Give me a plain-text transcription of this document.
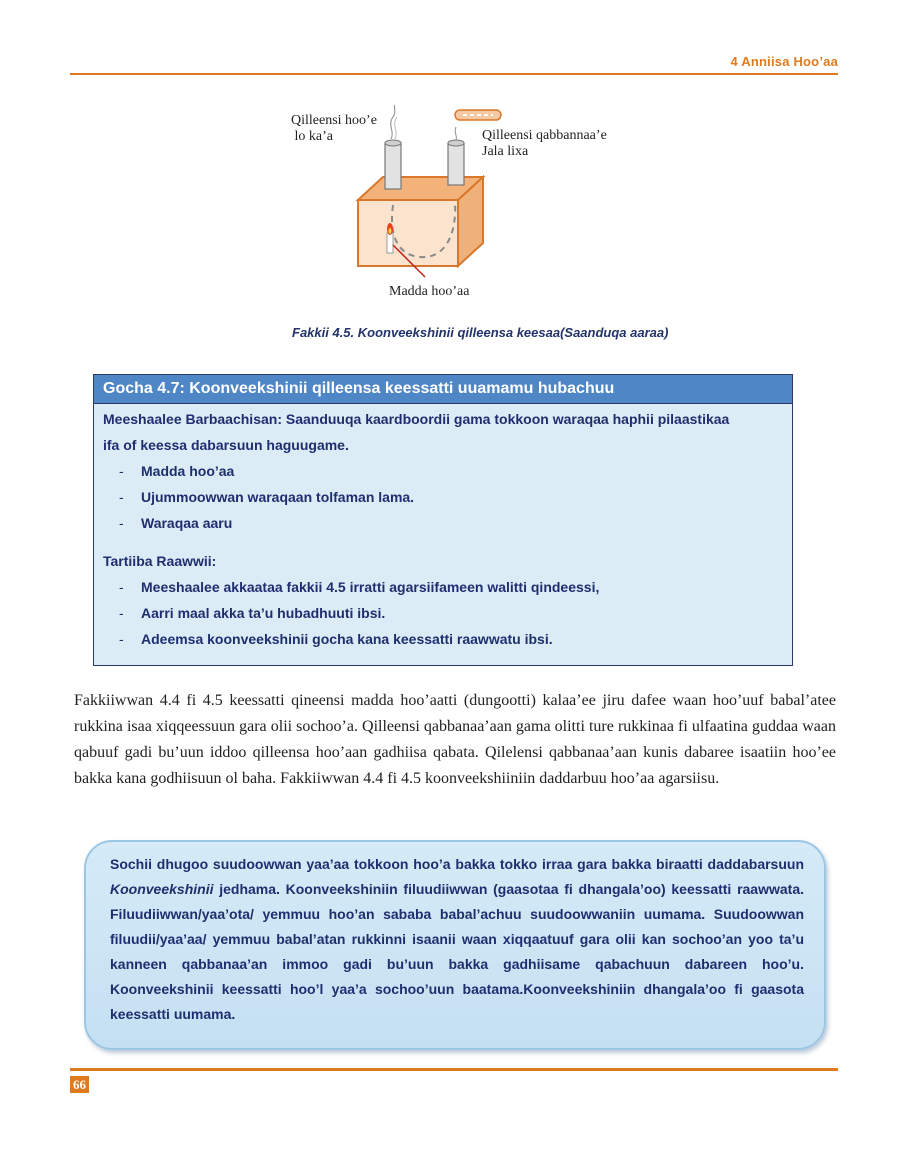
4 Anniisa Hoo’aa
Qilleensi hoo’e
lo ka’a	Qilleensi qabbannaa’e
Jala lixa
Madda hoo’aa
Fakkii 4.5. Koonveekshinii qilleensa keesaa(Saanduqa aaraa)
Gocha 4.7: Koonveekshinii qilleensa keessatti uuamamu hubachuu
Meeshaalee Barbaachisan: Saanduuqa kaardboordii gama tokkoon waraqaa haphii pilaastikaa
ifa of keessa dabarsuun haguugame.
- Madda hoo’aa
- Ujummoowwan waraqaan tolfaman lama.
- Waraqaa aaru
Tartiiba Raawwii:
- Meeshaalee akkaataa fakkii 4.5 irratti agarsiifameen walitti qindeessi,
- Aarri maal akka ta’u hubadhuuti ibsi.
- Adeemsa koonveekshinii gocha kana keessatti raawwatu ibsi.
Fakkiiwwan 4.4 fi 4.5 keessatti qineensi madda hoo’aatti (dungootti) kalaa’ee jiru dafee waan hoo’uuf babal’atee rukkina isaa xiqqeessuun gara olii sochoo’a. Qilleensi qabbanaa’aan gama olitti ture rukkinaa fi ulfaatina guddaa waan qabuuf gadi bu’uun iddoo qilleensa hoo’aan gadhiisa qabata. Qilelensi qabbanaa’aan kunis dabaree isaatiin hoo’ee bakka kana godhiisuun ol baha. Fakkiiwwan 4.4 fi 4.5 koonveekshiiniin daddarbuu hoo’aa agarsiisu.
Sochii dhugoo suudoowwan yaa’aa tokkoon hoo’a bakka tokko irraa gara bakka biraatti daddabarsuun Koonveekshinii jedhama. Koonveekshiniin filuudiiwwan (gaasotaa fi dhangala’oo) keessatti raawwata. Filuudiiwwan/yaa’ota/ yemmuu hoo’an sababa babal’achuu suudoowwaniin uumama. Suudoowwan filuudii/yaa’aa/ yemmuu babal’atan rukkinni isaanii waan xiqqaatuuf gara olii kan sochoo’an yoo ta’u kanneen qabbanaa’an immoo gadi bu’uun bakka gadhiisame qabachuun dabareen hoo’u. Koonveekshinii keessatti hoo’l yaa’a sochoo’uun baatama.Koonveekshiniin dhangala’oo fi gaasota keessatti uumama.
66
